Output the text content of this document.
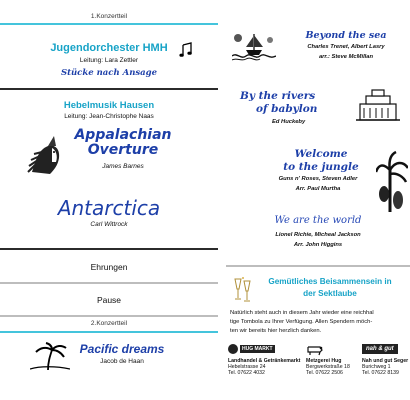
1.Konzertteil
Jugendorchester HMH
Leitung: Lara Zettler
Stücke nach Ansage
Hebelmusik Hausen
Leitung: Jean-Christophe Naas
Appalachian
Overture
James Barnes
Antarctica
Carl Wittrock
Ehrungen
Pause
2.Konzertteil
Pacific dreams
Jacob de Haan
Beyond the sea
Charles Trenet, Albert Lasry
arr.: Steve McMillan
By the rivers
of babylon
Ed Huckeby
Welcome
to the jungle
Guns n' Roses, Steven Adler
Arr. Paul Murtha
We are the world
Lionel Richie, Micheal Jackson
Arr. John Higgins
Gemütliches Beisammensein in
der Sektlaube
Natürlich steht auch in diesem Jahr wieder eine reichhal
tige Tombola zu Ihrer Verfügung. Allen Spendern möch-
ten wir bereits hier herzlich danken.
HUG MARKT
Landhandel & Getränkemarkt
Hebelstrasse 24
Tel. 07622 4032
Metzgerei Hug
Bergwerkstraße 18
Tel. 07622 2506
nah & gut
Nah und gut Seger
Burichweg 1
Tel. 07622 8139
